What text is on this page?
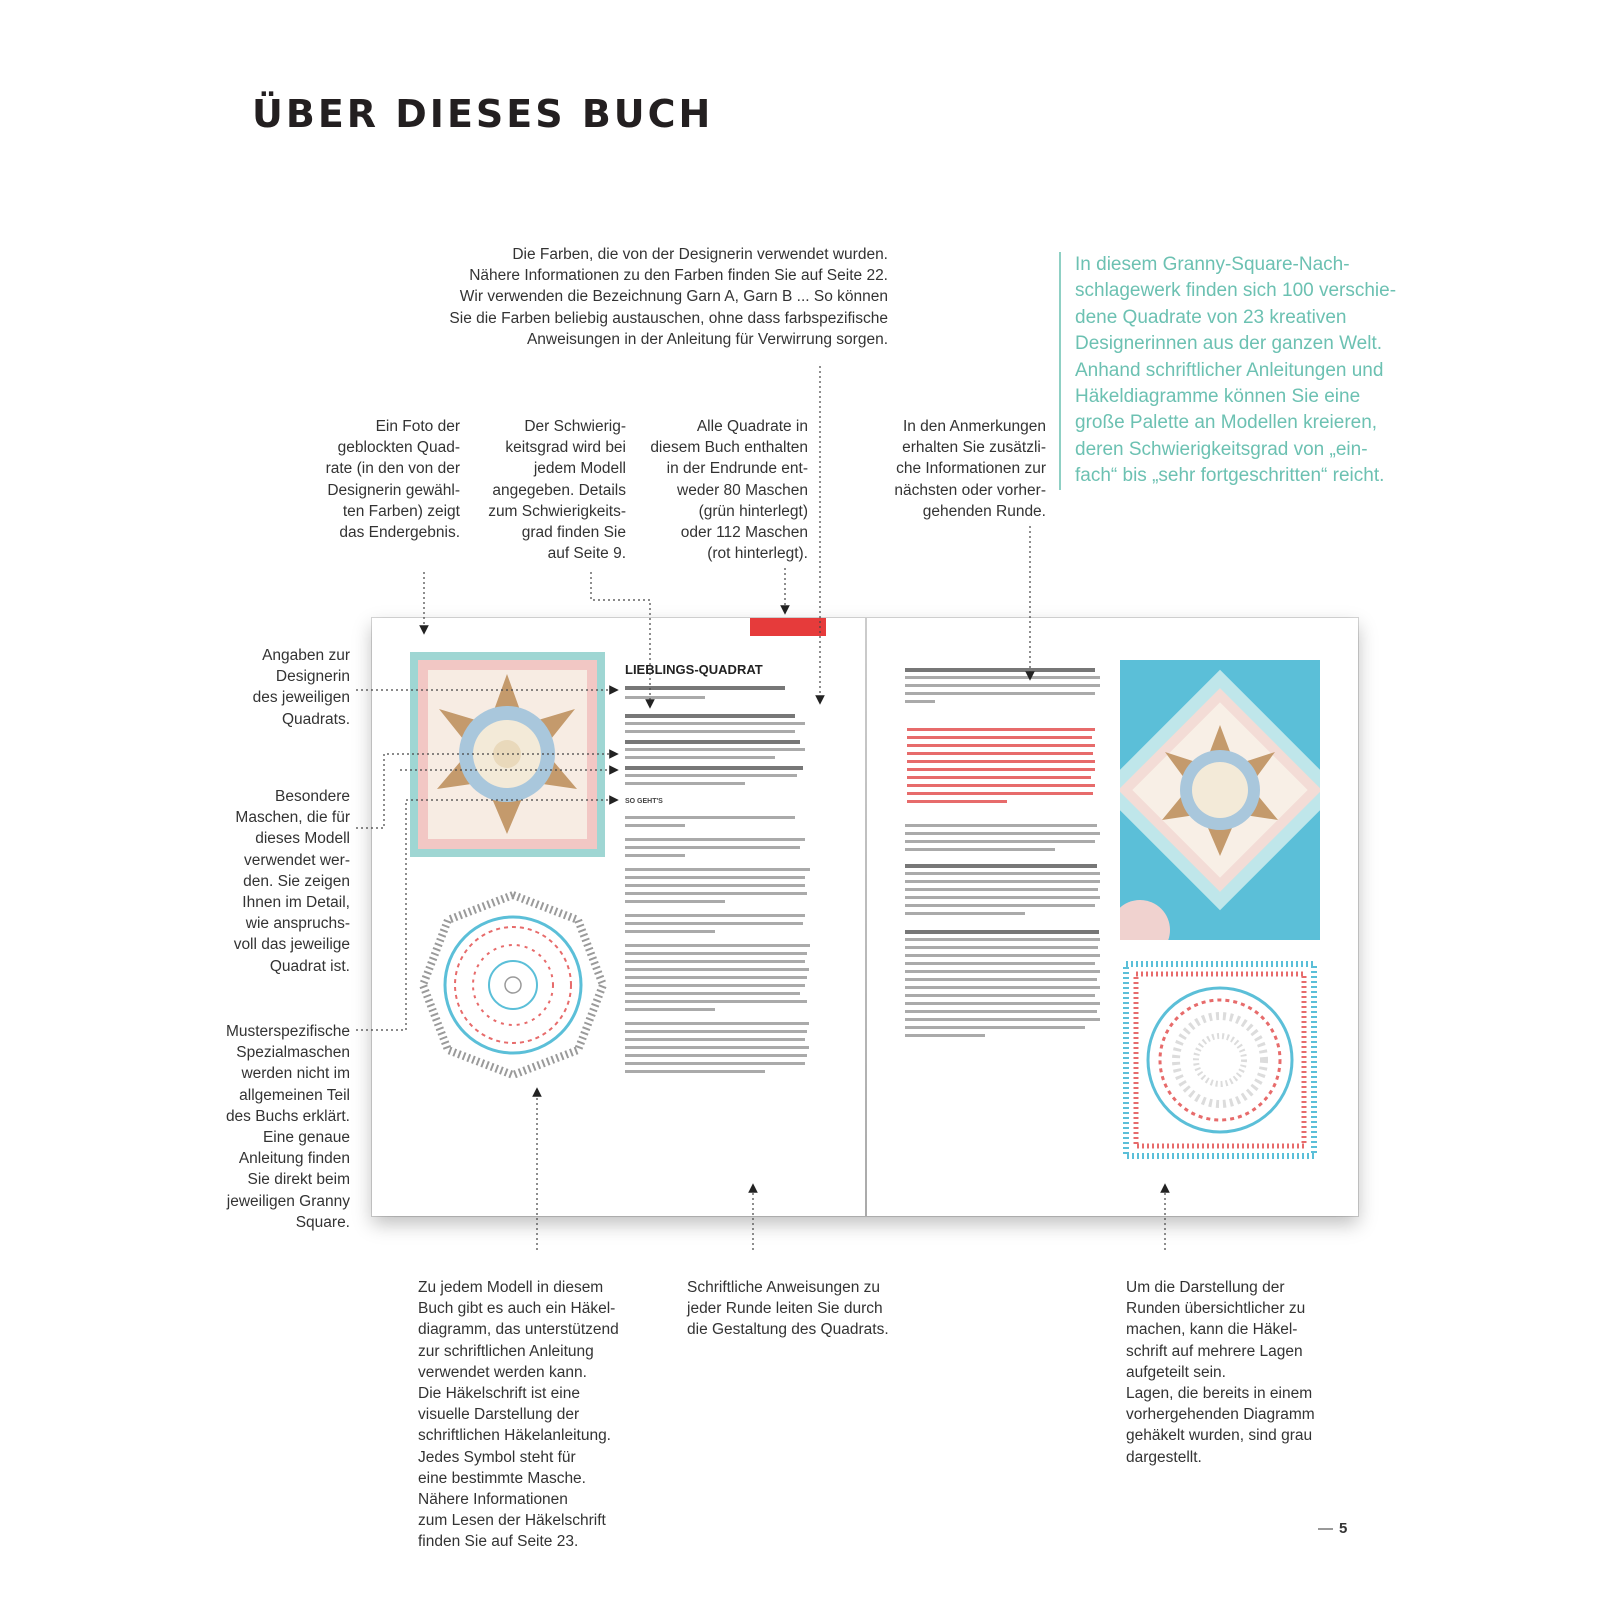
ÜBER DIESES BUCH
Die Farben, die von der Designerin verwendet wurden.
Nähere Informationen zu den Farben finden Sie auf Seite 22.
Wir verwenden die Bezeichnung Garn A, Garn B ... So können
Sie die Farben beliebig austauschen, ohne dass farbspezifische
Anweisungen in der Anleitung für Verwirrung sorgen.
In diesem Granny-Square-Nach-
schlagewerk finden sich 100 verschie-
dene Quadrate von 23 kreativen
Designerinnen aus der ganzen Welt.
Anhand schriftlicher Anleitungen und
Häkeldiagramme können Sie eine
große Palette an Modellen kreieren,
deren Schwierigkeitsgrad von „ein-
fach“ bis „sehr fortgeschritten“ reicht.
Ein Foto der
geblockten Quad-
rate (in den von der
Designerin gewähl-
ten Farben) zeigt
das Endergebnis.
Der Schwierig-
keitsgrad wird bei
jedem Modell
angegeben. Details
zum Schwierigkeits-
grad finden Sie
auf Seite 9.
Alle Quadrate in
diesem Buch enthalten
in der Endrunde ent-
weder 80 Maschen
(grün hinterlegt)
oder 112 Maschen
(rot hinterlegt).
In den Anmerkungen
erhalten Sie zusätzli-
che Informationen zur
nächsten oder vorher-
gehenden Runde.
Angaben zur
Designerin
des jeweiligen
Quadrats.
Besondere
Maschen, die für
dieses Modell
verwendet wer-
den. Sie zeigen
Ihnen im Detail,
wie anspruchs-
voll das jeweilige
Quadrat ist.
Musterspezifische
Spezialmaschen
werden nicht im
allgemeinen Teil
des Buchs erklärt.
Eine genaue
Anleitung finden
Sie direkt beim
jeweiligen Granny
Square.
Zu jedem Modell in diesem
Buch gibt es auch ein Häkel-
diagramm, das unterstützend
zur schriftlichen Anleitung
verwendet werden kann.
Die Häkelschrift ist eine
visuelle Darstellung der
schriftlichen Häkelanleitung.
Jedes Symbol steht für
eine bestimmte Masche.
Nähere Informationen
zum Lesen der Häkelschrift
finden Sie auf Seite 23.
Schriftliche Anweisungen zu
jeder Runde leiten Sie durch
die Gestaltung des Quadrats.
Um die Darstellung der
Runden übersichtlicher zu
machen, kann die Häkel-
schrift auf mehrere Lagen
aufgeteilt sein.
Lagen, die bereits in einem
vorhergehenden Diagramm
gehäkelt wurden, sind grau
dargestellt.
LIEBLINGS-QUADRAT
SO GEHT'S
— 5
